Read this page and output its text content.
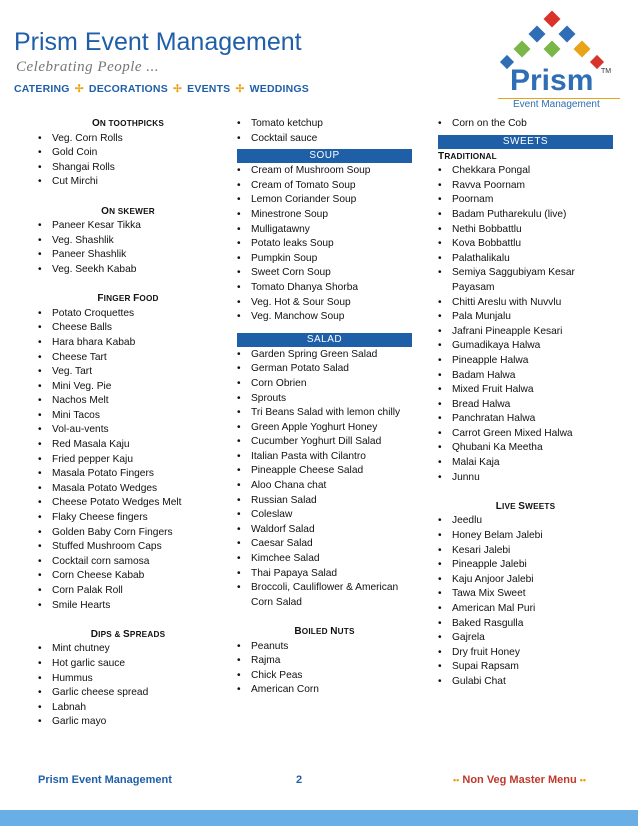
Prism Event Management
Celebrating People ...
CATERING ✢ DECORATIONS ✢ EVENTS ✢ WEDDINGS	Prism TM
Event Management
ON TOOTHPICKS
• Veg. Corn Rolls
• Gold Coin
• Shangai Rolls
• Cut Mirchi
ON SKEWER
• Paneer Kesar Tikka
• Veg. Shashlik
• Paneer Shashlik
• Veg. Seekh Kabab
FINGER FOOD
• Potato Croquettes
• Cheese Balls
• Hara bhara Kabab
• Cheese Tart
• Veg. Tart
• Mini Veg. Pie
• Nachos Melt
• Mini Tacos
• Vol-au-vents
• Red Masala Kaju
• Fried pepper Kaju
• Masala Potato Fingers
• Masala Potato Wedges
• Cheese Potato Wedges Melt
• Flaky Cheese fingers
• Golden Baby Corn Fingers
• Stuffed Mushroom Caps
• Cocktail corn samosa
• Corn Cheese Kabab
• Corn Palak Roll
• Smile Hearts
DIPS & SPREADS
• Mint chutney
• Hot garlic sauce
• Hummus
• Garlic cheese spread
• Labnah
• Garlic mayo
• Tomato ketchup
• Cocktail sauce
SOUP
• Cream of Mushroom Soup
• Cream of Tomato Soup
• Lemon Coriander Soup
• Minestrone Soup
• Mulligatawny
• Potato leaks Soup
• Pumpkin Soup
• Sweet Corn Soup
• Tomato Dhanya Shorba
• Veg. Hot & Sour Soup
• Veg. Manchow Soup
SALAD
• Garden Spring Green Salad
• German Potato Salad
• Corn Obrien
• Sprouts
• Tri Beans Salad with lemon chilly
• Green Apple Yoghurt Honey
• Cucumber Yoghurt Dill Salad
• Italian Pasta with Cilantro
• Pineapple Cheese Salad
• Aloo Chana chat
• Russian Salad
• Coleslaw
• Waldorf Salad
• Caesar Salad
• Kimchee Salad
• Thai Papaya Salad
• Broccoli, Cauliflower & American Corn Salad
BOILED NUTS
• Peanuts
• Rajma
• Chick Peas
• American Corn
• Corn on the Cob
SWEETS
TRADITIONAL
• Chekkara Pongal
• Ravva Poornam
• Poornam
• Badam Putharekulu (live)
• Nethi Bobbattlu
• Kova Bobbattlu
• Palathalikalu
• Semiya Saggubiyam Kesar Payasam
• Chitti Areslu with Nuvvlu
• Pala Munjalu
• Jafrani Pineapple Kesari
• Gumadikaya Halwa
• Pineapple Halwa
• Badam Halwa
• Mixed Fruit Halwa
• Bread Halwa
• Panchratan Halwa
• Carrot Green Mixed Halwa
• Qhubani Ka Meetha
• Malai Kaja
• Junnu
LIVE SWEETS
• Jeedlu
• Honey Belam Jalebi
• Kesari Jalebi
• Pineapple Jalebi
• Kaju Anjoor Jalebi
• Tawa Mix Sweet
• American Mal Puri
• Baked Rasgulla
• Gajrela
• Dry fruit Honey
• Supai Rapsam
• Gulabi Chat
Prism Event Management	2	•• Non Veg Master Menu ••
